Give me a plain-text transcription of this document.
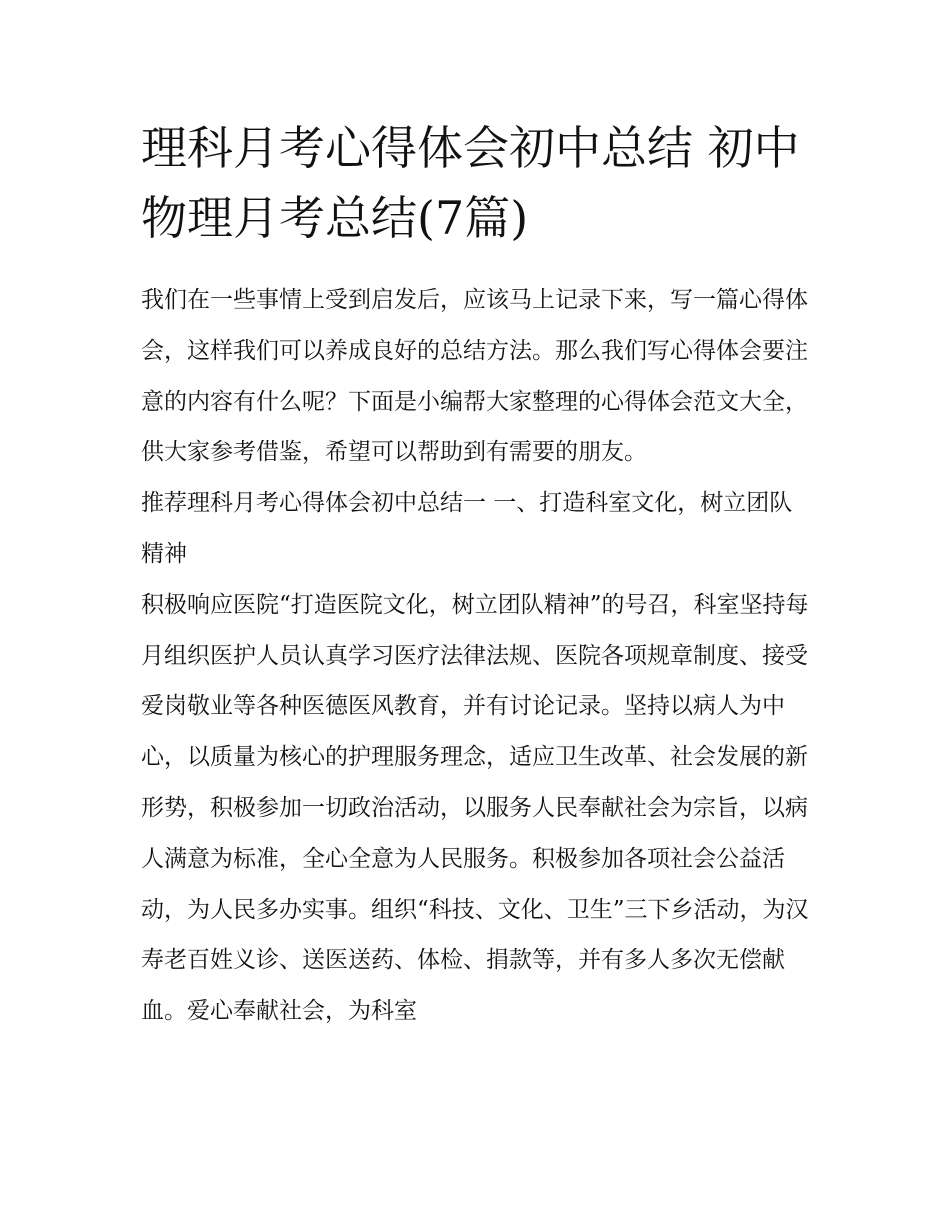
理科月考心得体会初中总结 初中物理月考总结(7篇)

我们在一些事情上受到启发后，应该马上记录下来，写一篇心得体会，这样我们可以养成良好的总结方法。那么我们写心得体会要注意的内容有什么呢？下面是小编帮大家整理的心得体会范文大全，供大家参考借鉴，希望可以帮助到有需要的朋友。

推荐理科月考心得体会初中总结一 一、打造科室文化，树立团队精神

积极响应医院“打造医院文化，树立团队精神”的号召，科室坚持每月组织医护人员认真学习医疗法律法规、医院各项规章制度、接受爱岗敬业等各种医德医风教育，并有讨论记录。坚持以病人为中心，以质量为核心的护理服务理念，适应卫生改革、社会发展的新形势，积极参加一切政治活动，以服务人民奉献社会为宗旨，以病人满意为标准，全心全意为人民服务。积极参加各项社会公益活动，为人民多办实事。组织“科技、文化、卫生”三下乡活动，为汉寿老百姓义诊、送医送药、体检、捐款等，并有多人多次无偿献血。爱心奉献社会，为科室
